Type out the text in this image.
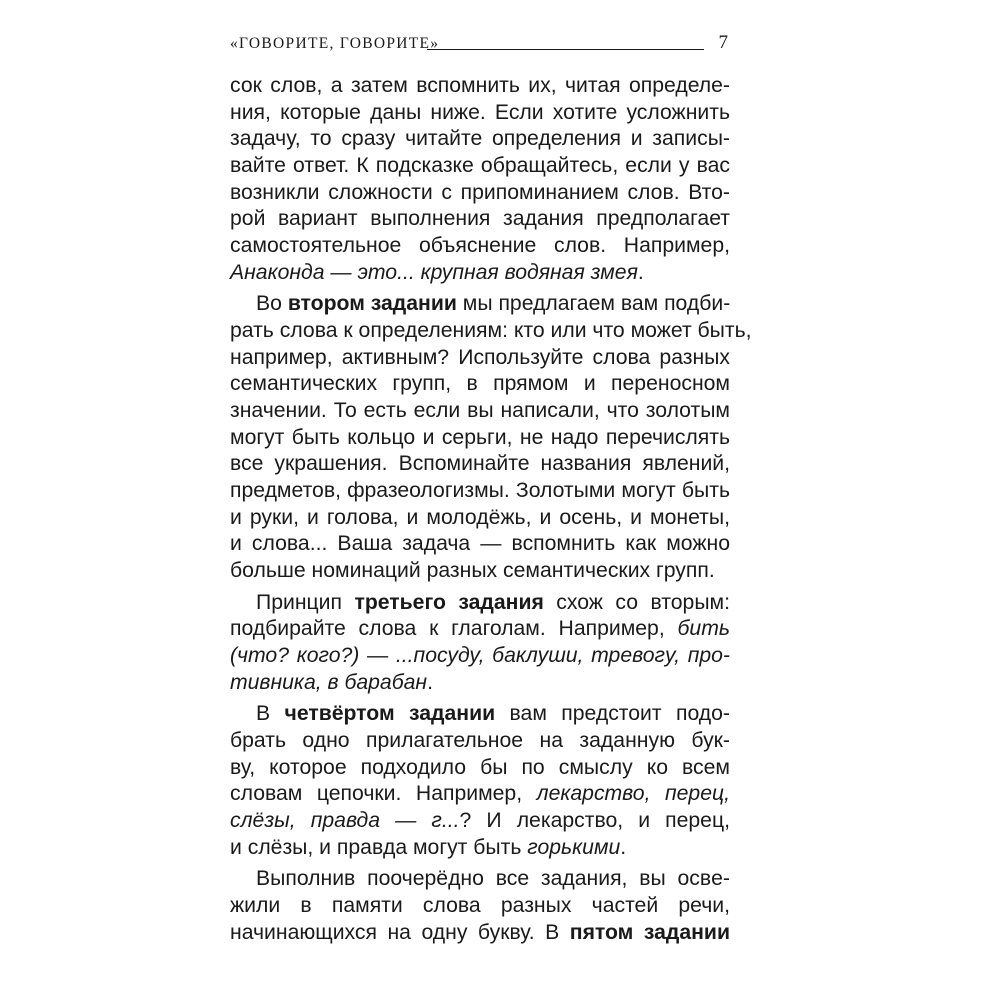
«ГОВОРИТЕ, ГОВОРИТЕ»	7
сок слов, а затем вспомнить их, читая определе-
ния, которые даны ниже. Если хотите усложнить
задачу, то сразу читайте определения и записы-
вайте ответ. К подсказке обращайтесь, если у вас
возникли сложности с припоминанием слов. Вто-
рой вариант выполнения задания предполагает
самостоятельное объяснение слов. Например,
Анаконда — это... крупная водяная змея.
Во втором задании мы предлагаем вам подби-
рать слова к определениям: кто или что может быть,
например, активным? Используйте слова разных
семантических групп, в прямом и переносном
значении. То есть если вы написали, что золотым
могут быть кольцо и серьги, не надо перечислять
все украшения. Вспоминайте названия явлений,
предметов, фразеологизмы. Золотыми могут быть
и руки, и голова, и молодёжь, и осень, и монеты,
и слова... Ваша задача — вспомнить как можно
больше номинаций разных семантических групп.
Принцип третьего задания схож со вторым:
подбирайте слова к глаголам. Например, бить
(что? кого?) — ...посуду, баклуши, тревогу, про-
тивника, в барабан.
В четвёртом задании вам предстоит подо-
брать одно прилагательное на заданную бук-
ву, которое подходило бы по смыслу ко всем
словам цепочки. Например, лекарство, перец,
слёзы, правда — г...? И лекарство, и перец,
и слёзы, и правда могут быть горькими.
Выполнив поочерёдно все задания, вы освe-
жили в памяти слова разных частей речи,
начинающихся на одну букву. В пятом задании
